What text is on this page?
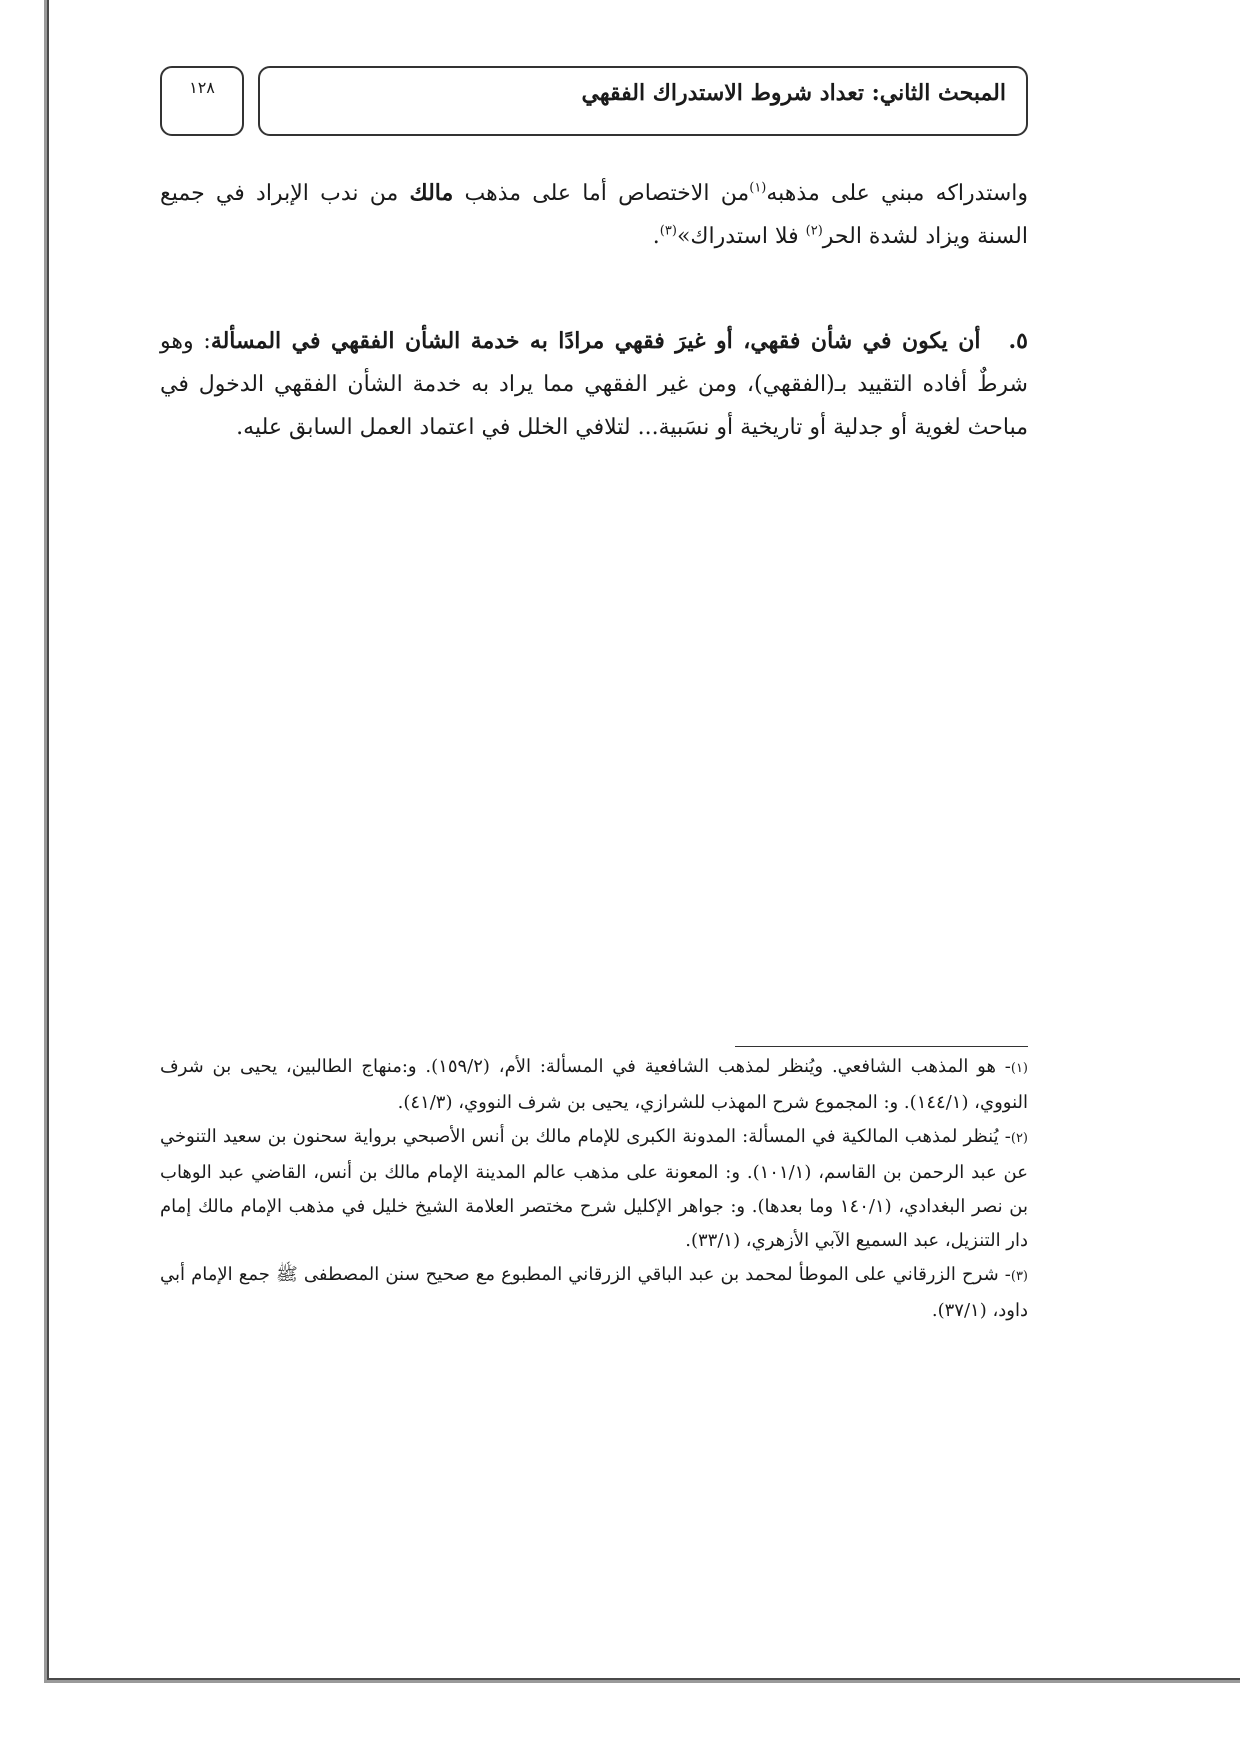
١٢٨	المبحث الثاني: تعداد شروط الاستدراك الفقهي
واستدراكه مبني على مذهبه$^{(١)}$من الاختصاص أما على مذهب مالك من ندب الإبراد في جميع السنة ويزاد لشدة الحر$^{(٢)}$ فلا استدراك»$^{(٣)}$.
٥.أن يكون في شأن فقهي، أو غيرَ فقهي مرادًا به خدمة الشأن الفقهي في المسألة: وهو شرطٌ أفاده التقييد بـ(الفقهي)، ومن غير الفقهي مما يراد به خدمة الشأن الفقهي الدخول في مباحث لغوية أو جدلية أو تاريخية أو نسَبية... لتلافي الخلل في اعتماد العمل السابق عليه.

(١)- هو المذهب الشافعي. ويُنظر لمذهب الشافعية في المسألة: الأم، (١٥٩/٢). و:منهاج الطالبين، يحيى بن شرف النووي، (١٤٤/١). و: المجموع شرح المهذب للشرازي، يحيى بن شرف النووي، (٤١/٣).

(٢)- يُنظر لمذهب المالكية في المسألة: المدونة الكبرى للإمام مالك بن أنس الأصبحي برواية سحنون بن سعيد التنوخي عن عبد الرحمن بن القاسم، (١٠١/١). و: المعونة على مذهب عالم المدينة الإمام مالك بن أنس، القاضي عبد الوهاب بن نصر البغدادي، (١٤٠/١ وما بعدها). و: جواهر الإكليل شرح مختصر العلامة الشيخ خليل في مذهب الإمام مالك إمام دار التنزيل، عبد السميع الآبي الأزهري، (٣٣/١).

(٣)- شرح الزرقاني على الموطأ لمحمد بن عبد الباقي الزرقاني المطبوع مع صحيح سنن المصطفى ﷺ جمع الإمام أبي داود، (٣٧/١).
